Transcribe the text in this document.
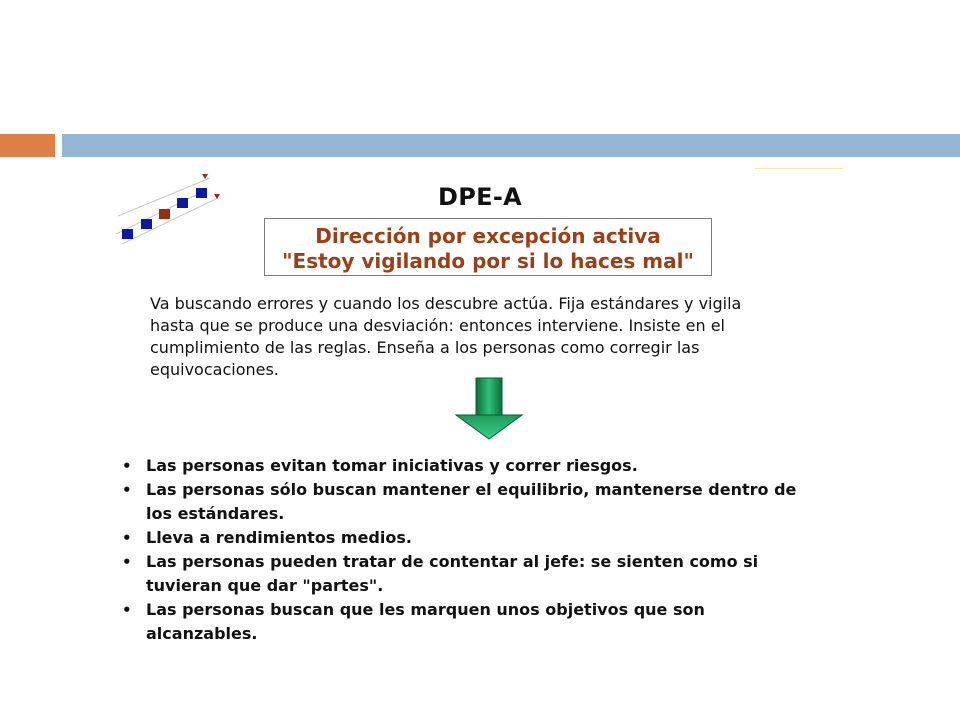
DPE-A
Dirección por excepción activa
"Estoy vigilando por si lo haces mal"
Va buscando errores y cuando los descubre actúa. Fija estándares y vigila
hasta que se produce una desviación: entonces interviene. Insiste en el
cumplimiento de las reglas. Enseña a los personas como corregir las
equivocaciones.
• Las personas evitan tomar iniciativas y correr riesgos.
• Las personas sólo buscan mantener el equilibrio, mantenerse dentro de
los estándares.
• Lleva a rendimientos medios.
• Las personas pueden tratar de contentar al jefe: se sienten como si
tuvieran que dar "partes".
• Las personas buscan que les marquen unos objetivos que son
alcanzables.
